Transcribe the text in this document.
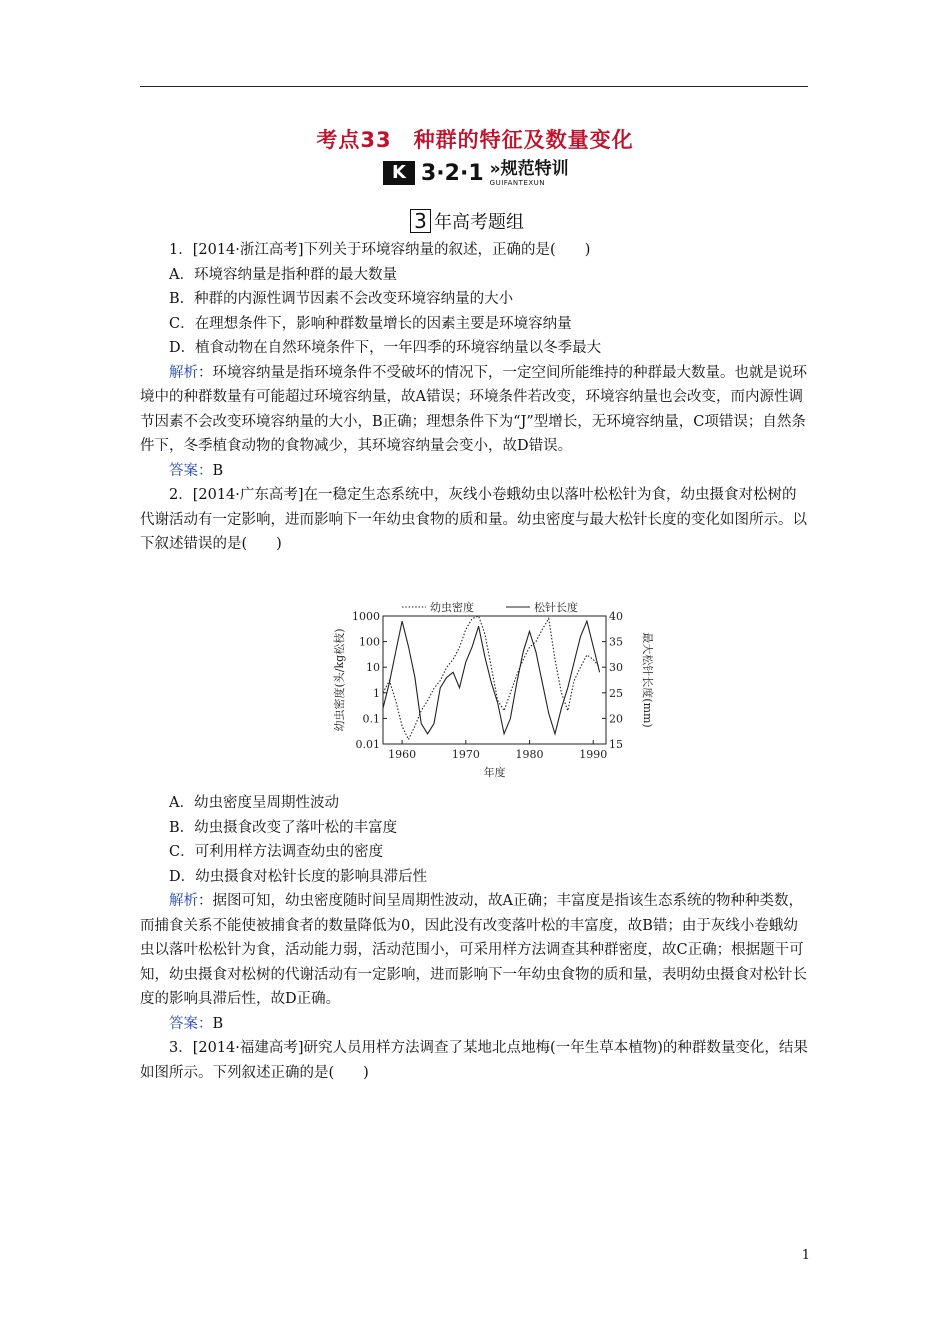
考点33　种群的特征及数量变化
K 3·2·1 »规范特训
GUIFANTEXUN
3 年高考题组

1．[2014·浙江高考]下列关于环境容纳量的叙述，正确的是(　　)

A．环境容纳量是指种群的最大数量

B．种群的内源性调节因素不会改变环境容纳量的大小

C．在理想条件下，影响种群数量增长的因素主要是环境容纳量

D．植食动物在自然环境条件下，一年四季的环境容纳量以冬季最大

解析：环境容纳量是指环境条件不受破坏的情况下，一定空间所能维持的种群最大数量。也就是说环境中的种群数量有可能超过环境容纳量，故A错误；环境条件若改变，环境容纳量也会改变，而内源性调节因素不会改变环境容纳量的大小，B正确；理想条件下为“J”型增长，无环境容纳量，C项错误；自然条件下，冬季植食动物的食物减少，其环境容纳量会变小，故D错误。

答案：B

2．[2014·广东高考]在一稳定生态系统中，灰线小卷蛾幼虫以落叶松松针为食，幼虫摄食对松树的代谢活动有一定影响，进而影响下一年幼虫食物的质和量。幼虫密度与最大松针长度的变化如图所示。以下叙述错误的是(　　)

1000
100
10
1
0.1
0.01
40
35
30
25
20
15
1960	1970	1980	1990
年度
幼虫密度(头/kg松枝)	最大松针长度(mm)
幼虫密度	松针长度

A．幼虫密度呈周期性波动

B．幼虫摄食改变了落叶松的丰富度

C．可利用样方法调查幼虫的密度

D．幼虫摄食对松针长度的影响具滞后性

解析：据图可知，幼虫密度随时间呈周期性波动，故A正确；丰富度是指该生态系统的物种种类数，而捕食关系不能使被捕食者的数量降低为0，因此没有改变落叶松的丰富度，故B错；由于灰线小卷蛾幼虫以落叶松松针为食，活动能力弱，活动范围小，可采用样方法调查其种群密度，故C正确；根据题干可知，幼虫摄食对松树的代谢活动有一定影响，进而影响下一年幼虫食物的质和量，表明幼虫摄食对松针长度的影响具滞后性，故D正确。

答案：B

3．[2014·福建高考]研究人员用样方法调查了某地北点地梅(一年生草本植物)的种群数量变化，结果如图所示。下列叙述正确的是(　　)

1
